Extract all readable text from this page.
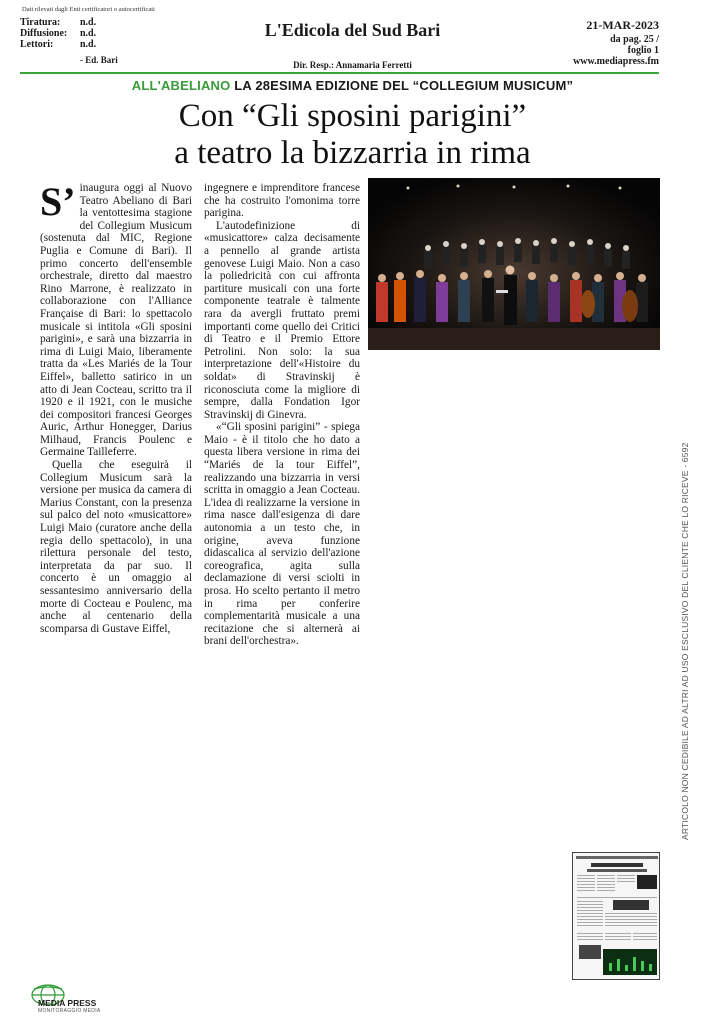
Dati rilevati dagli Enti certificatori o autocertificati
Tiratura:	n.d.
Diffusione:	n.d.
Lettori:	n.d.
- Ed. Bari
L'Edicola del Sud Bari
Dir. Resp.: Annamaria Ferretti
21-MAR-2023
da pag. 25 /
foglio 1
www.mediapress.fm
ALL'ABELIANO LA 28ESIMA EDIZIONE DEL “COLLEGIUM MUSICUM”
Con “Gli sposini parigini”
a teatro la bizzarria in rima
S’ inaugura oggi al Nuovo Teatro Abeliano di Bari la ventottesima stagione del Collegium Musicum (sostenuta dal MIC, Regione Puglia e Comune di Bari). Il primo concerto dell'ensemble orchestrale, diretto dal maestro Rino Marrone, è realizzato in collaborazione con l'Alliance Française di Bari: lo spettacolo musicale si intitola «Gli sposini parigini», e sarà una bizzarria in rima di Luigi Maio, liberamente tratta da «Les Mariés de la Tour Eiffel», balletto satirico in un atto di Jean Cocteau, scritto tra il 1920 e il 1921, con le musiche dei compositori francesi Georges Auric, Arthur Honegger, Darius Milhaud, Francis Poulenc e Germaine Tailleferre.

Quella che eseguirà il Collegium Musicum sarà la versione per musica da camera di Marius Constant, con la presenza sul palco del noto «musicattore» Luigi Maio (curatore anche della regia dello spettacolo), in una rilettura personale del testo, interpretata da par suo. Il concerto è un omaggio al sessantesimo anniversario della morte di Cocteau e Poulenc, ma anche al centenario della scomparsa di Gustave Eiffel,

ingegnere e imprenditore francese che ha costruito l'omonima torre parigina.

L'autodefinizione di «musicattore» calza decisamente a pennello al grande artista genovese Luigi Maio. Non a caso la poliedricità con cui affronta partiture musicali con una forte componente teatrale è talmente rara da avergli fruttato premi importanti come quello dei Critici di Teatro e il Premio Ettore Petrolini. Non solo: la sua interpretazione dell'«Histoire du soldat» di Stravinskij è riconosciuta come la migliore di sempre, dalla Fondation Igor Stravinskij di Ginevra.

«“Gli sposini parigini” - spiega Maio - è il titolo che ho dato a questa libera versione in rima dei “Mariés de la tour Eiffel”, realizzando una bizzarria in versi scritta in omaggio a Jean Cocteau. L'idea di realizzarne la versione in rima nasce dall'esigenza di dare autonomia a un testo che, in origine, aveva funzione didascalica al servizio dell'azione coreografica, agita sulla declamazione di versi sciolti in prosa. Ho scelto pertanto il metro in rima per conferire complementarità musicale a una recitazione che si alternerà ai brani dell'orchestra».	ARTICOLO NON CEDIBILE AD ALTRI AD USO ESCLUSIVO DEL CLIENTE CHE LO RICEVE - 6592
MEDIA PRESS
MONITORAGGIO MEDIA
